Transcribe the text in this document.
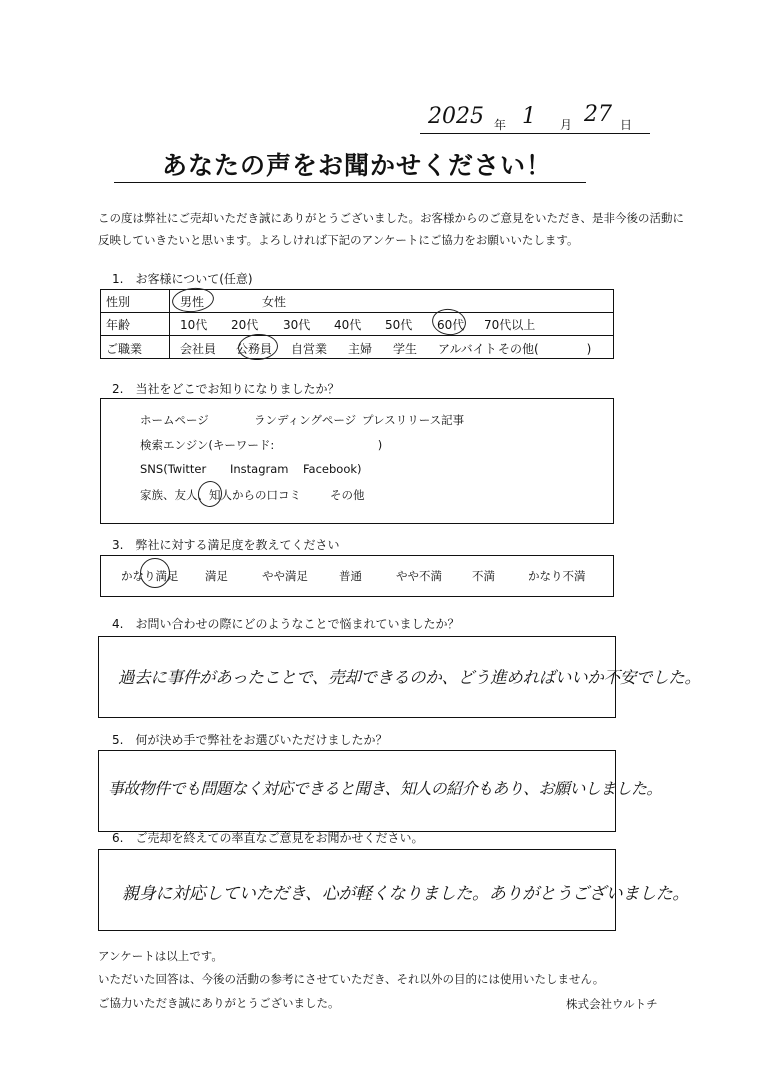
2025 年 1 月 27 日
あなたの声をお聞かせください！
この度は弊社にご売却いただき誠にありがとうございました。お客様からのご意見をいただき、是非今後の活動に
反映していきたいと思います。よろしければ下記のアンケートにご協力をお願いいたします。
1.　お客様について(任意)
性別	男性	女性
年齢	10代 20代 30代 40代 50代 60代 70代以上
ご職業	会社員 公務員 自営業 主婦 学生 アルバイト その他(　　　　)
2.　当社をどこでお知りになりましたか？
ホームページ	ランディングページ プレスリリース記事
検索エンジン(キーワード:　　　　　　　　　)
SNS(Twitter Instagram Facebook)
家族、友人、知人からの口コミ	その他
3.　弊社に対する満足度を教えてください
かなり満足 満足	やや満足	普通	やや不満	不満	かなり不満
4.　お問い合わせの際にどのようなことで悩まれていましたか？
過去に事件があったことで、売却できるのか、どう進めればいいか不安でした。
5.　何が決め手で弊社をお選びいただけましたか？
事故物件でも問題なく対応できると聞き、知人の紹介もあり、お願いしました。
6.　ご売却を終えての率直なご意見をお聞かせください。
親身に対応していただき、心が軽くなりました。ありがとうございました。
アンケートは以上です。
いただいた回答は、今後の活動の参考にさせていただき、それ以外の目的には使用いたしません。
ご協力いただき誠にありがとうございました。	株式会社ウルトチ
